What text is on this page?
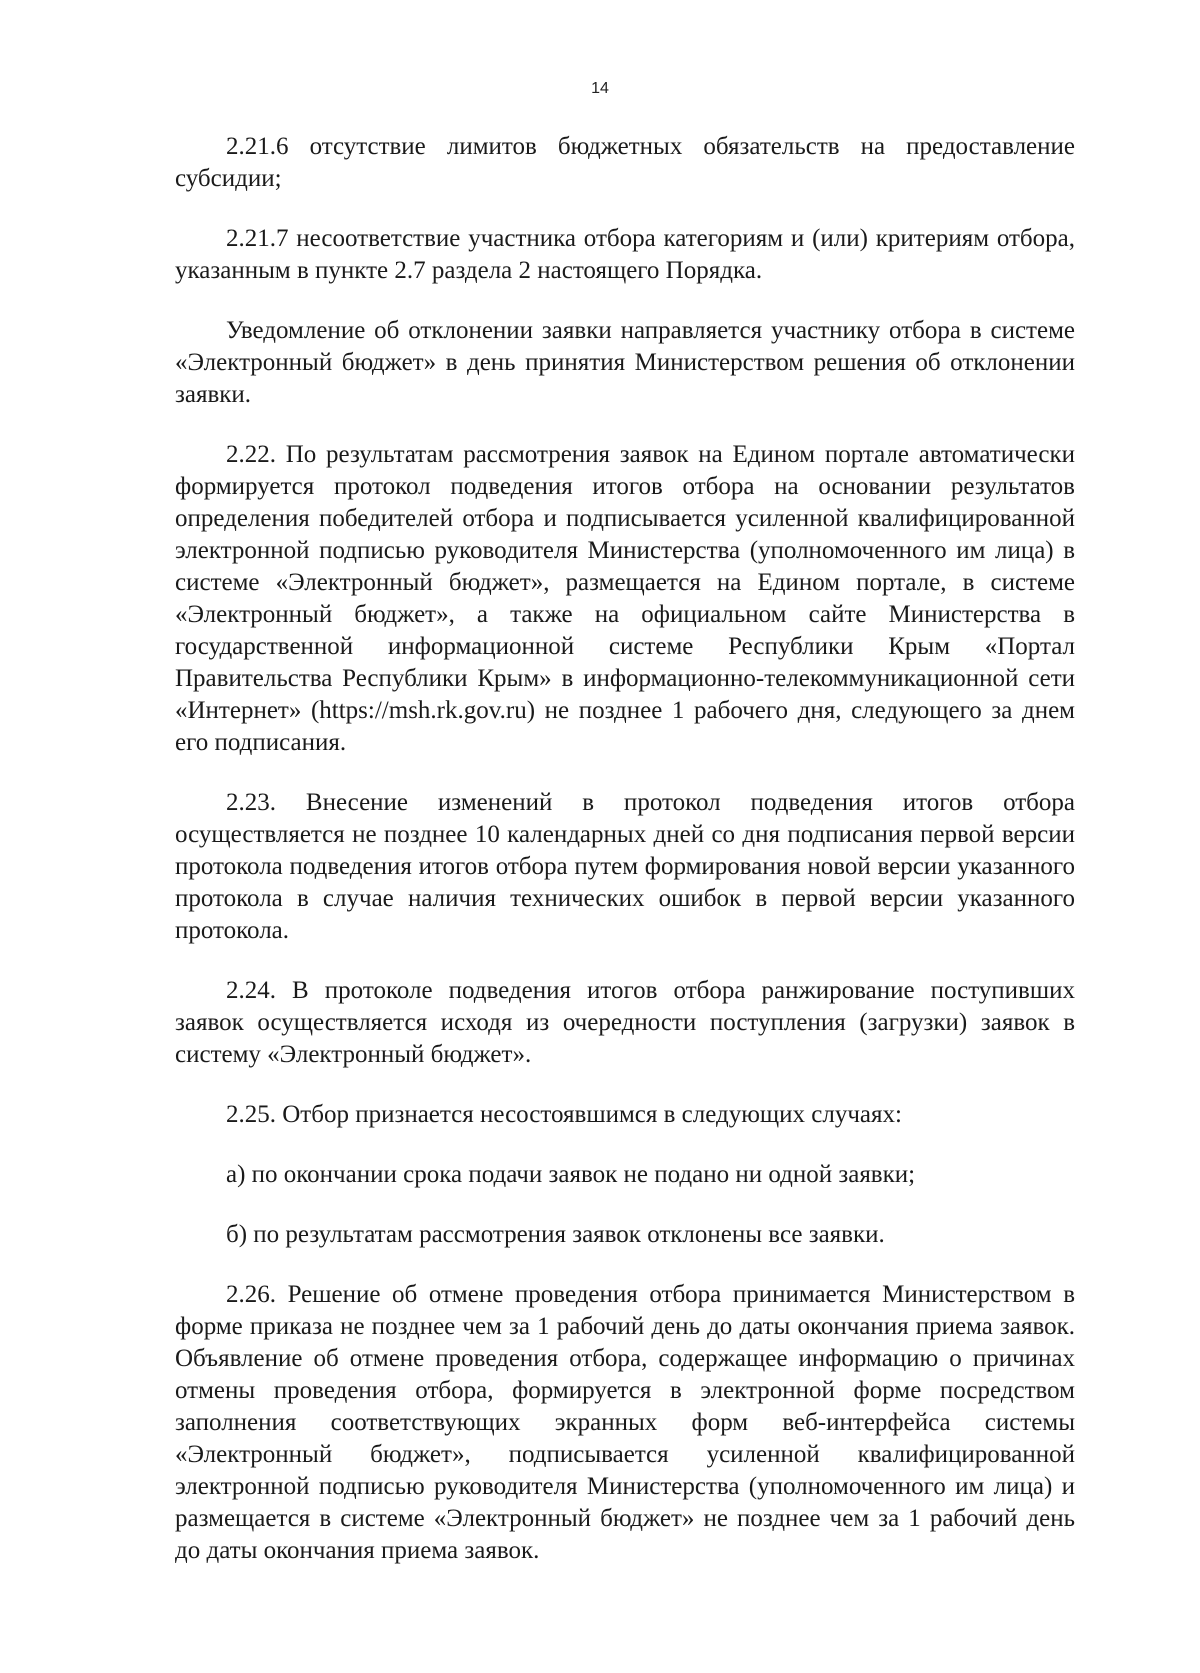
14

2.21.6 отсутствие лимитов бюджетных обязательств на предоставление субсидии;

2.21.7 несоответствие участника отбора категориям и (или) критериям отбора, указанным в пункте 2.7 раздела 2 настоящего Порядка.

Уведомление об отклонении заявки направляется участнику отбора в системе «Электронный бюджет» в день принятия Министерством решения об отклонении заявки.

2.22. По результатам рассмотрения заявок на Едином портале автоматически формируется протокол подведения итогов отбора на основании результатов определения победителей отбора и подписывается усиленной квалифицированной электронной подписью руководителя Министерства (уполномоченного им лица) в системе «Электронный бюджет», размещается на Едином портале, в системе «Электронный бюджет», а также на официальном сайте Министерства в государственной информационной системе Республики Крым «Портал Правительства Республики Крым» в информационно-телекоммуникационной сети «Интернет» (https://msh.rk.gov.ru) не позднее 1 рабочего дня, следующего за днем его подписания.

2.23. Внесение изменений в протокол подведения итогов отбора осуществляется не позднее 10 календарных дней со дня подписания первой версии протокола подведения итогов отбора путем формирования новой версии указанного протокола в случае наличия технических ошибок в первой версии указанного протокола.

2.24. В протоколе подведения итогов отбора ранжирование поступивших заявок осуществляется исходя из очередности поступления (загрузки) заявок в систему «Электронный бюджет».

2.25. Отбор признается несостоявшимся в следующих случаях:

а) по окончании срока подачи заявок не подано ни одной заявки;

б) по результатам рассмотрения заявок отклонены все заявки.

2.26. Решение об отмене проведения отбора принимается Министерством в форме приказа не позднее чем за 1 рабочий день до даты окончания приема заявок. Объявление об отмене проведения отбора, содержащее информацию о причинах отмены проведения отбора, формируется в электронной форме посредством заполнения соответствующих экранных форм веб-интерфейса системы «Электронный бюджет», подписывается усиленной квалифицированной электронной подписью руководителя Министерства (уполномоченного им лица) и размещается в системе «Электронный бюджет» не позднее чем за 1 рабочий день до даты окончания приема заявок.
